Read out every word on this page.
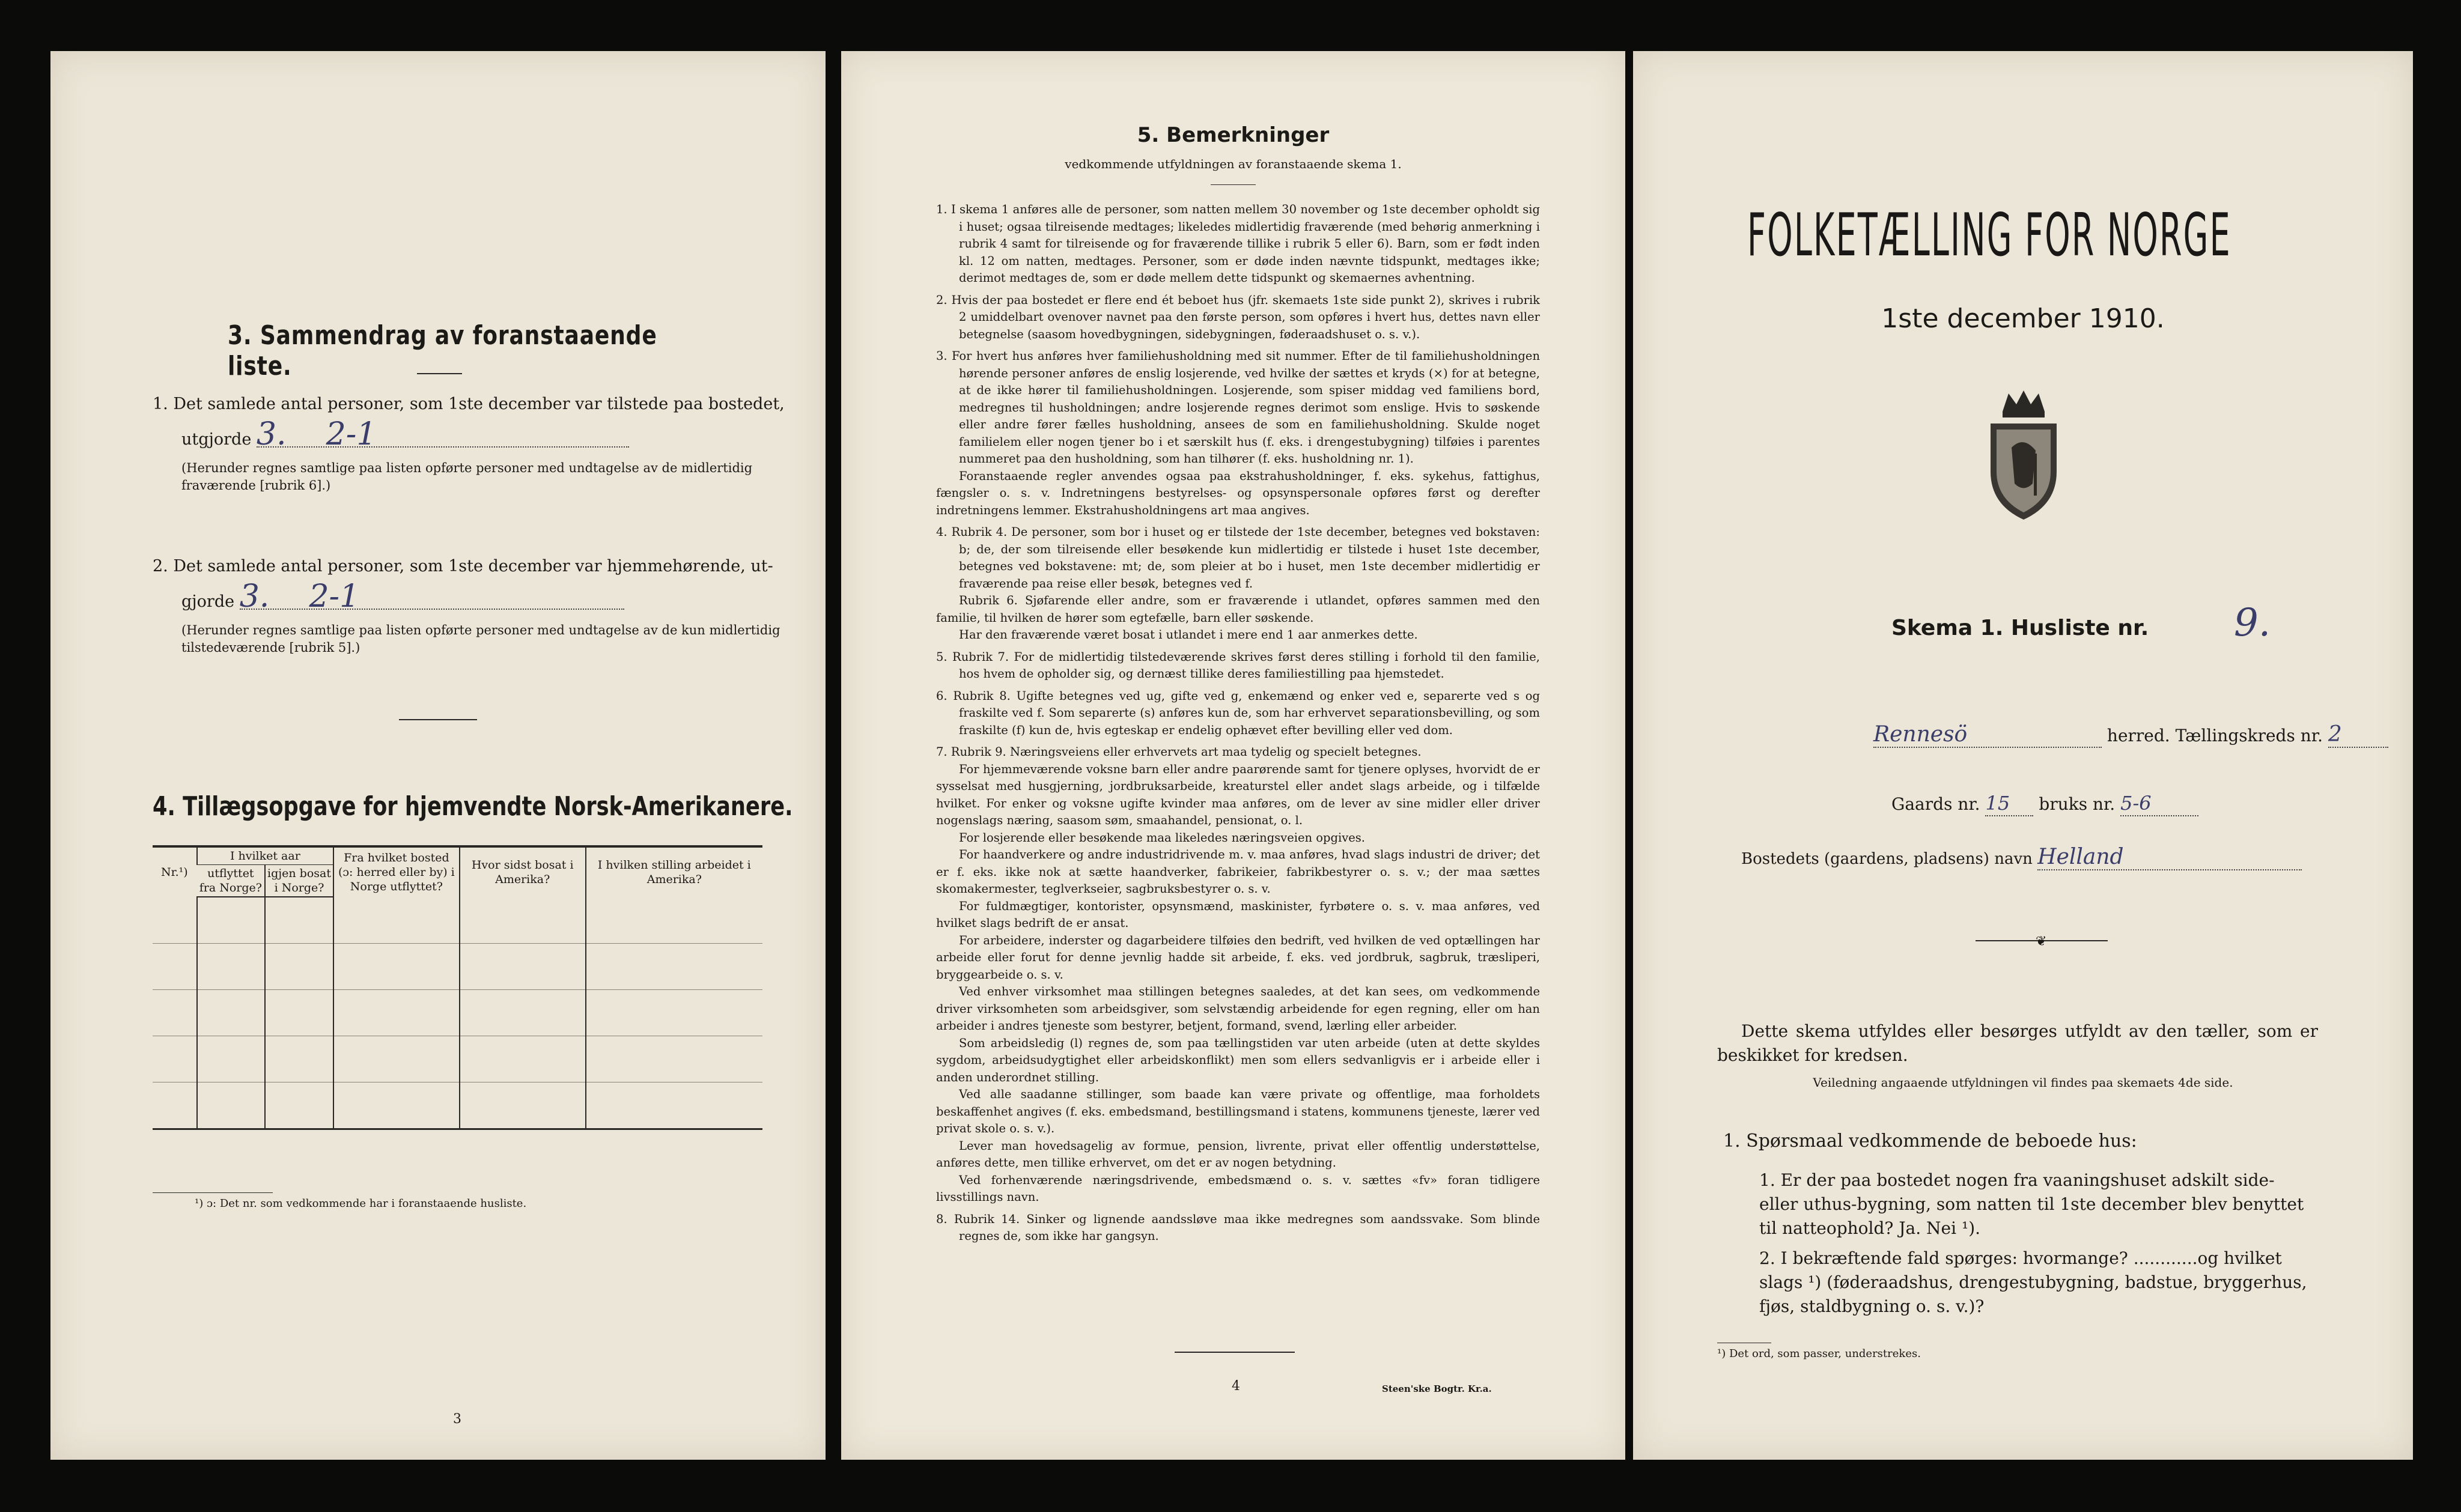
3. Sammendrag av foranstaaende liste.
1. Det samlede antal personer, som 1ste december var tilstede paa bostedet,
utgjorde 3. 2-1
(Herunder regnes samtlige paa listen opførte personer med undtagelse av de midlertidig fraværende [rubrik 6].)
2. Det samlede antal personer, som 1ste december var hjemmehørende, ut-
gjorde 3. 2-1
(Herunder regnes samtlige paa listen opførte personer med undtagelse av de kun midlertidig tilstedeværende [rubrik 5].)
4. Tillægsopgave for hjemvendte Norsk-Amerikanere.
Nr.¹)	I hvilket aar		Fra hvilket bosted (ɔ: herred eller by) i Norge utflyttet?	Hvor sidst bosat i Amerika?	I hvilken stilling arbeidet i Amerika?
	utflyttet fra Norge?	igjen bosat i Norge?			

¹) ɔ: Det nr. som vedkommende har i foranstaaende husliste.
3
5. Bemerkninger
vedkommende utfyldningen av foranstaaende skema 1.

1. I skema 1 anføres alle de personer, som natten mellem 30 november og 1ste december opholdt sig i huset; ogsaa tilreisende medtages; likeledes midlertidig fraværende (med behørig anmerkning i rubrik 4 samt for tilreisende og for fraværende tillike i rubrik 5 eller 6). Barn, som er født inden kl. 12 om natten, medtages. Personer, som er døde inden nævnte tidspunkt, medtages ikke; derimot medtages de, som er døde mellem dette tidspunkt og skemaernes avhentning.

2. Hvis der paa bostedet er flere end ét beboet hus (jfr. skemaets 1ste side punkt 2), skrives i rubrik 2 umiddelbart ovenover navnet paa den første person, som opføres i hvert hus, dettes navn eller betegnelse (saasom hovedbygningen, sidebygningen, føderaadshuset o. s. v.).

3. For hvert hus anføres hver familiehusholdning med sit nummer. Efter de til familiehusholdningen hørende personer anføres de enslig losjerende, ved hvilke der sættes et kryds (×) for at betegne, at de ikke hører til familiehusholdningen. Losjerende, som spiser middag ved familiens bord, medregnes til husholdningen; andre losjerende regnes derimot som enslige. Hvis to søskende eller andre fører fælles husholdning, ansees de som en familiehusholdning. Skulde noget familielem eller nogen tjener bo i et særskilt hus (f. eks. i drengestubygning) tilføies i parentes nummeret paa den husholdning, som han tilhører (f. eks. husholdning nr. 1).

Foranstaaende regler anvendes ogsaa paa ekstrahusholdninger, f. eks. sykehus, fattighus, fængsler o. s. v. Indretningens bestyrelses- og opsynspersonale opføres først og derefter indretningens lemmer. Ekstrahusholdningens art maa angives.

4. Rubrik 4. De personer, som bor i huset og er tilstede der 1ste december, betegnes ved bokstaven: b; de, der som tilreisende eller besøkende kun midlertidig er tilstede i huset 1ste december, betegnes ved bokstavene: mt; de, som pleier at bo i huset, men 1ste december midlertidig er fraværende paa reise eller besøk, betegnes ved f.

Rubrik 6. Sjøfarende eller andre, som er fraværende i utlandet, opføres sammen med den familie, til hvilken de hører som egtefælle, barn eller søskende.

Har den fraværende været bosat i utlandet i mere end 1 aar anmerkes dette.

5. Rubrik 7. For de midlertidig tilstedeværende skrives først deres stilling i forhold til den familie, hos hvem de opholder sig, og dernæst tillike deres familiestilling paa hjemstedet.

6. Rubrik 8. Ugifte betegnes ved ug, gifte ved g, enkemænd og enker ved e, separerte ved s og fraskilte ved f. Som separerte (s) anføres kun de, som har erhvervet separationsbevilling, og som fraskilte (f) kun de, hvis egteskap er endelig ophævet efter bevilling eller ved dom.

7. Rubrik 9. Næringsveiens eller erhvervets art maa tydelig og specielt betegnes.

For hjemmeværende voksne barn eller andre paarørende samt for tjenere oplyses, hvorvidt de er sysselsat med husgjerning, jordbruksarbeide, kreaturstel eller andet slags arbeide, og i tilfælde hvilket. For enker og voksne ugifte kvinder maa anføres, om de lever av sine midler eller driver nogenslags næring, saasom søm, smaahandel, pensionat, o. l.

For losjerende eller besøkende maa likeledes næringsveien opgives.

For haandverkere og andre industridrivende m. v. maa anføres, hvad slags industri de driver; det er f. eks. ikke nok at sætte haandverker, fabrikeier, fabrikbestyrer o. s. v.; der maa sættes skomakermester, teglverkseier, sagbruksbestyrer o. s. v.

For fuldmægtiger, kontorister, opsynsmænd, maskinister, fyrbøtere o. s. v. maa anføres, ved hvilket slags bedrift de er ansat.

For arbeidere, inderster og dagarbeidere tilføies den bedrift, ved hvilken de ved optællingen har arbeide eller forut for denne jevnlig hadde sit arbeide, f. eks. ved jordbruk, sagbruk, træsliperi, bryggearbeide o. s. v.

Ved enhver virksomhet maa stillingen betegnes saaledes, at det kan sees, om vedkommende driver virksomheten som arbeidsgiver, som selvstændig arbeidende for egen regning, eller om han arbeider i andres tjeneste som bestyrer, betjent, formand, svend, lærling eller arbeider.

Som arbeidsledig (l) regnes de, som paa tællingstiden var uten arbeide (uten at dette skyldes sygdom, arbeidsudygtighet eller arbeidskonflikt) men som ellers sedvanligvis er i arbeide eller i anden underordnet stilling.

Ved alle saadanne stillinger, som baade kan være private og offentlige, maa forholdets beskaffenhet angives (f. eks. embedsmand, bestillingsmand i statens, kommunens tjeneste, lærer ved privat skole o. s. v.).

Lever man hovedsagelig av formue, pension, livrente, privat eller offentlig understøttelse, anføres dette, men tillike erhvervet, om det er av nogen betydning.

Ved forhenværende næringsdrivende, embedsmænd o. s. v. sættes «fv» foran tidligere livsstillings navn.

8. Rubrik 14. Sinker og lignende aandssløve maa ikke medregnes som aandssvake. Som blinde regnes de, som ikke har gangsyn.

4	Steen'ske Bogtr. Kr.a.
FOLKETÆLLING FOR NORGE
1ste december 1910.
Skema 1. Husliste nr. 9.
Rennesö	herred. Tællingskreds nr. 2
Gaards nr. 15 bruks nr. 5-6
Bostedets (gaardens, pladsens) navn Helland
❦
Dette skema utfyldes eller besørges utfyldt av den tæller, som er beskikket for kredsen.
Veiledning angaaende utfyldningen vil findes paa skemaets 4de side.
1. Spørsmaal vedkommende de beboede hus:
1. Er der paa bostedet nogen fra vaaningshuset adskilt side- eller uthus-bygning, som natten til 1ste december blev benyttet til natteophold? Ja. Nei ¹).
2. I bekræftende fald spørges: hvormange? ............og hvilket slags ¹) (føderaadshus, drengestubygning, badstue, bryggerhus, fjøs, staldbygning o. s. v.)?
¹) Det ord, som passer, understrekes.
